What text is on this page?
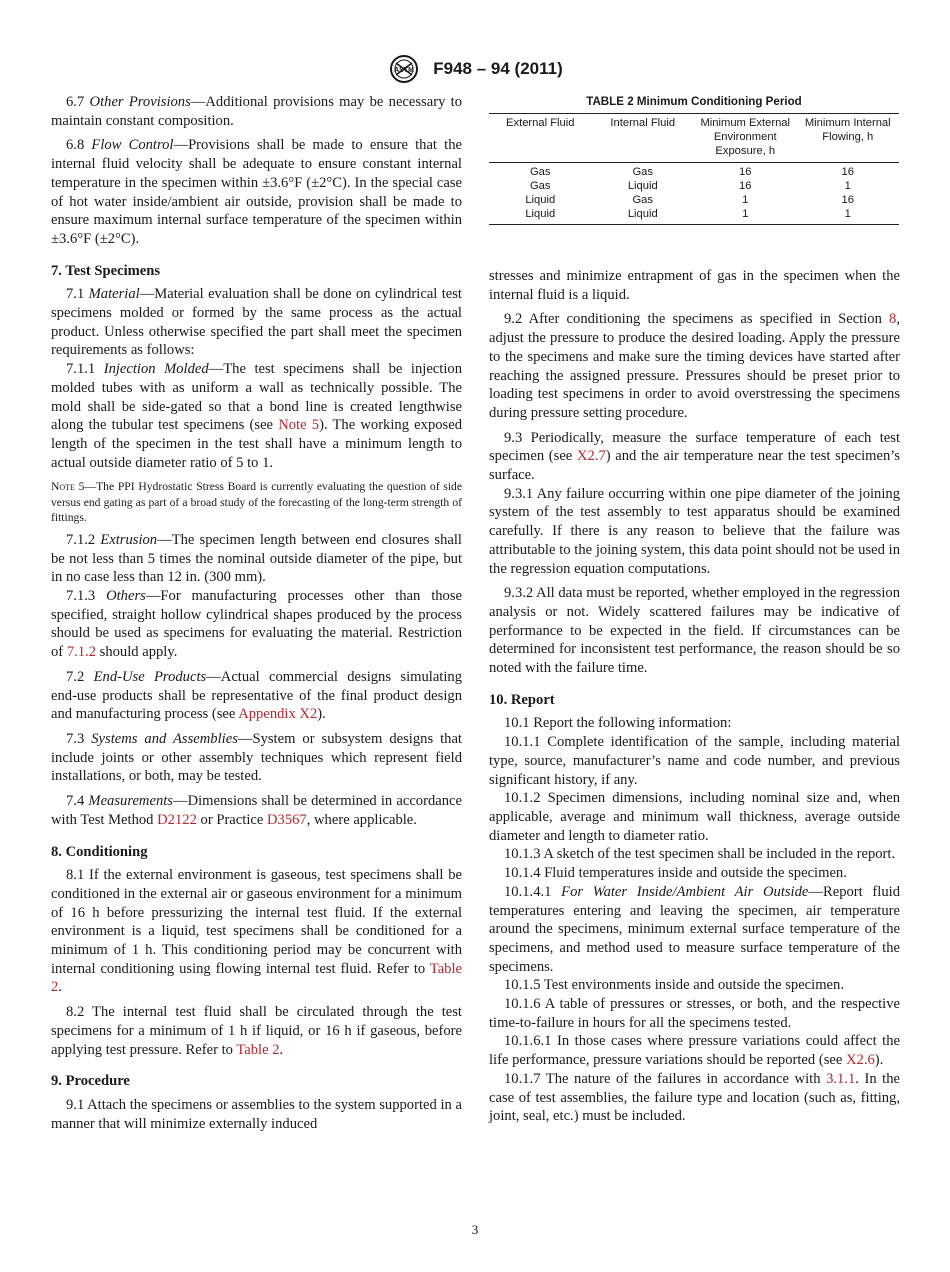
ASTM F948 – 94 (2011)

6.7 Other Provisions—Additional provisions may be necessary to maintain constant composition.

6.8 Flow Control—Provisions shall be made to ensure that the internal fluid velocity shall be adequate to ensure constant internal temperature in the specimen within ±3.6°F (±2°C). In the special case of hot water inside/ambient air outside, provision shall be made to ensure maximum internal surface temperature of the specimen within ±3.6°F (±2°C).

7. Test Specimens

7.1 Material—Material evaluation shall be done on cylindrical test specimens molded or formed by the same process as the actual product. Unless otherwise specified the part shall meet the specimen requirements as follows:

7.1.1 Injection Molded—The test specimens shall be injection molded tubes with as uniform a wall as technically possible. The mold shall be side-gated so that a bond line is created lengthwise along the tubular test specimens (see Note 5). The working exposed length of the specimen in the test shall have a minimum length to actual outside diameter ratio of 5 to 1.

Note 5—The PPI Hydrostatic Stress Board is currently evaluating the question of side versus end gating as part of a broad study of the forecasting of the long-term strength of fittings.

7.1.2 Extrusion—The specimen length between end closures shall be not less than 5 times the nominal outside diameter of the pipe, but in no case less than 12 in. (300 mm).

7.1.3 Others—For manufacturing processes other than those specified, straight hollow cylindrical shapes produced by the process should be used as specimens for evaluating the material. Restriction of 7.1.2 should apply.

7.2 End-Use Products—Actual commercial designs simulating end-use products shall be representative of the final product design and manufacturing process (see Appendix X2).

7.3 Systems and Assemblies—System or subsystem designs that include joints or other assembly techniques which represent field installations, or both, may be tested.

7.4 Measurements—Dimensions shall be determined in accordance with Test Method D2122 or Practice D3567, where applicable.

8. Conditioning

8.1 If the external environment is gaseous, test specimens shall be conditioned in the external air or gaseous environment for a minimum of 16 h before pressurizing the internal test fluid. If the external environment is a liquid, test specimens shall be conditioned for a minimum of 1 h. This conditioning period may be concurrent with internal conditioning using flowing internal test fluid. Refer to Table 2.

8.2 The internal test fluid shall be circulated through the test specimens for a minimum of 1 h if liquid, or 16 h if gaseous, before applying test pressure. Refer to Table 2.

9. Procedure

9.1 Attach the specimens or assemblies to the system supported in a manner that will minimize externally induced

TABLE 2 Minimum Conditioning Period
External Fluid	Internal Fluid	Minimum External Environment Exposure, h	Minimum Internal Flowing, h
Gas	Gas	16	16
Gas	Liquid	16	1
Liquid	Gas	1	16
Liquid	Liquid	1	1

stresses and minimize entrapment of gas in the specimen when the internal fluid is a liquid.

9.2 After conditioning the specimens as specified in Section 8, adjust the pressure to produce the desired loading. Apply the pressure to the specimens and make sure the timing devices have started after reaching the assigned pressure. Pressures should be preset prior to loading test specimens in order to avoid overstressing the specimens during pressure setting procedure.

9.3 Periodically, measure the surface temperature of each test specimen (see X2.7) and the air temperature near the test specimen’s surface.

9.3.1 Any failure occurring within one pipe diameter of the joining system of the test assembly to test apparatus should be examined carefully. If there is any reason to believe that the failure was attributable to the joining system, this data point should not be used in the regression equation computations.

9.3.2 All data must be reported, whether employed in the regression analysis or not. Widely scattered failures may be indicative of performance to be expected in the field. If circumstances can be determined for inconsistent test performance, the reason should be so noted with the failure time.

10. Report

10.1 Report the following information:

10.1.1 Complete identification of the sample, including material type, source, manufacturer’s name and code number, and previous significant history, if any.

10.1.2 Specimen dimensions, including nominal size and, when applicable, average and minimum wall thickness, average outside diameter and length to diameter ratio.

10.1.3 A sketch of the test specimen shall be included in the report.

10.1.4 Fluid temperatures inside and outside the specimen.

10.1.4.1 For Water Inside/Ambient Air Outside—Report fluid temperatures entering and leaving the specimen, air temperature around the specimens, minimum external surface temperature of the specimens, and method used to measure surface temperature of the specimens.

10.1.5 Test environments inside and outside the specimen.

10.1.6 A table of pressures or stresses, or both, and the respective time-to-failure in hours for all the specimens tested.

10.1.6.1 In those cases where pressure variations could affect the life performance, pressure variations should be reported (see X2.6).

10.1.7 The nature of the failures in accordance with 3.1.1. In the case of test assemblies, the failure type and location (such as, fitting, joint, seal, etc.) must be included.

3
